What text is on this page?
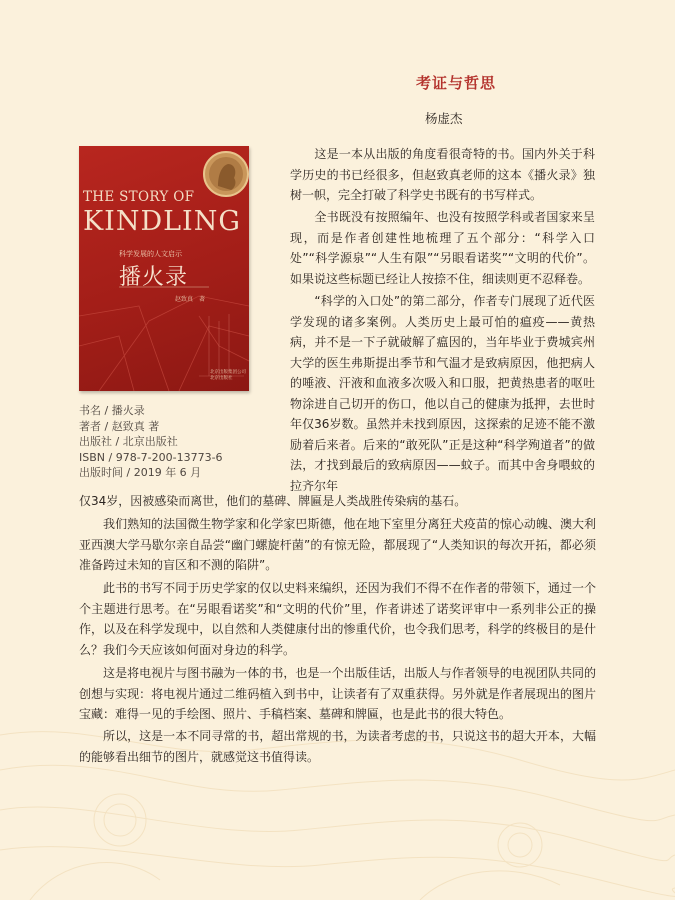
考证与哲思
杨虚杰
THE STORY OF
KINDLING
科学发展的人文启示
播火录
赵致真　著
北京出版集团公司
北京出版社
书名 / 播火录
著者 / 赵致真 著
出版社 / 北京出版社
ISBN / 978-7-200-13773-6
出版时间 / 2019 年 6 月

　　这是一本从出版的角度看很奇特的书。国内外关于科学历史的书已经很多，但赵致真老师的这本《播火录》独树一帜，完全打破了科学史书既有的书写样式。

　　全书既没有按照编年、也没有按照学科或者国家来呈现，而是作者创建性地梳理了五个部分：“科学入口处”“科学源泉”“人生有限”“另眼看诺奖”“文明的代价”。如果说这些标题已经让人按捺不住，细读则更不忍释卷。

　　“科学的入口处”的第二部分，作者专门展现了近代医学发现的诸多案例。人类历史上最可怕的瘟疫——黄热病，并不是一下子就破解了瘟因的，当年毕业于费城宾州大学的医生弗斯提出季节和气温才是致病原因，他把病人的唾液、汗液和血液多次吸入和口服，把黄热患者的呕吐物涂进自己切开的伤口，他以自己的健康为抵押，去世时年仅36岁数。虽然并未找到原因，这探索的足迹不能不激励着后来者。后来的“敢死队”正是这种“科学殉道者”的做法，才找到最后的致病原因——蚊子。而其中舍身喂蚊的拉齐尔年

仅34岁，因被感染而离世，他们的墓碑、牌匾是人类战胜传染病的基石。

　　我们熟知的法国微生物学家和化学家巴斯德，他在地下室里分离狂犬疫苗的惊心动魄、澳大利亚西澳大学马歇尔亲自品尝“幽门螺旋杆菌”的有惊无险，都展现了“人类知识的每次开拓，都必须准备跨过未知的盲区和不测的陷阱”。

　　此书的书写不同于历史学家的仅以史料来编织，还因为我们不得不在作者的带领下，通过一个个主题进行思考。在“另眼看诺奖”和“文明的代价”里，作者讲述了诺奖评审中一系列非公正的操作，以及在科学发现中，以自然和人类健康付出的惨重代价，也令我们思考，科学的终极目的是什么？我们今天应该如何面对身边的科学。

　　这是将电视片与图书融为一体的书，也是一个出版佳话，出版人与作者领导的电视团队共同的创想与实现：将电视片通过二维码植入到书中，让读者有了双重获得。另外就是作者展现出的图片宝藏：难得一见的手绘图、照片、手稿档案、墓碑和牌匾，也是此书的很大特色。

　　所以，这是一本不同寻常的书，超出常规的书，为读者考虑的书，只说这书的超大开本，大幅的能够看出细节的图片，就感觉这书值得读。
